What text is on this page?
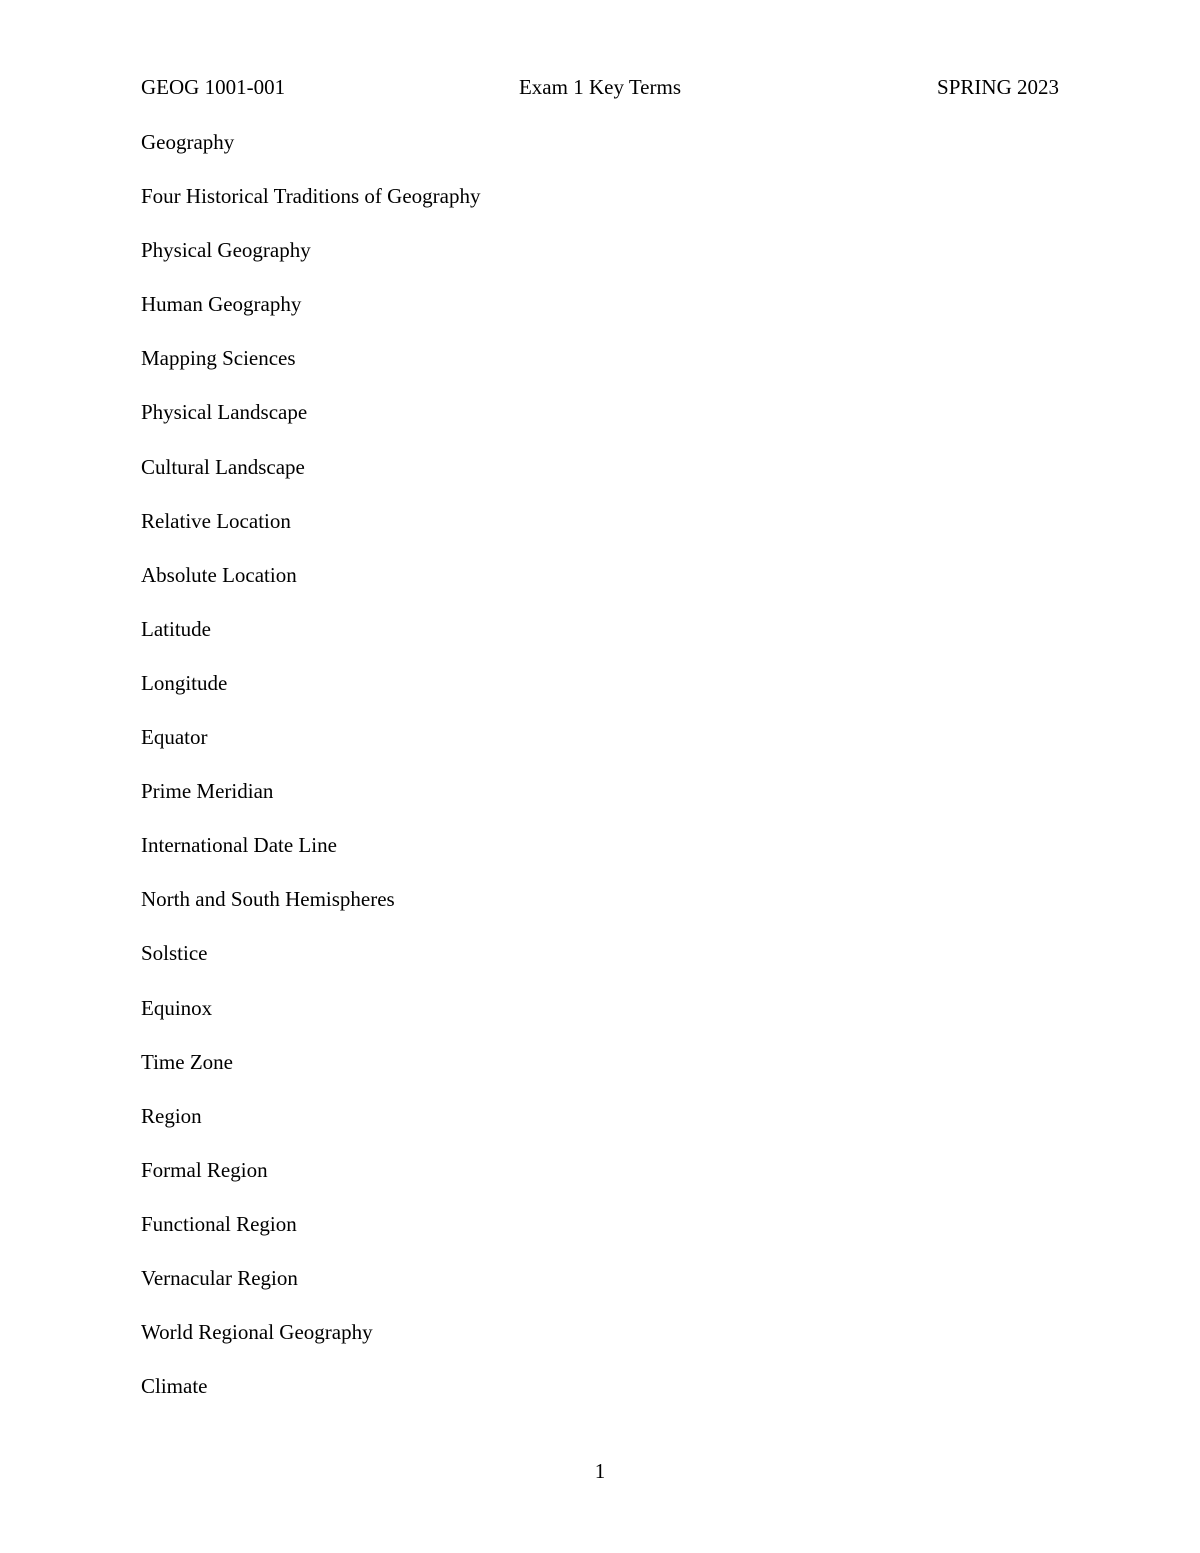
GEOG 1001-001	Exam 1 Key Terms	SPRING 2023
Geography
Four Historical Traditions of Geography
Physical Geography
Human Geography
Mapping Sciences
Physical Landscape
Cultural Landscape
Relative Location
Absolute Location
Latitude
Longitude
Equator
Prime Meridian
International Date Line
North and South Hemispheres
Solstice
Equinox
Time Zone
Region
Formal Region
Functional Region
Vernacular Region
World Regional Geography
Climate
1
